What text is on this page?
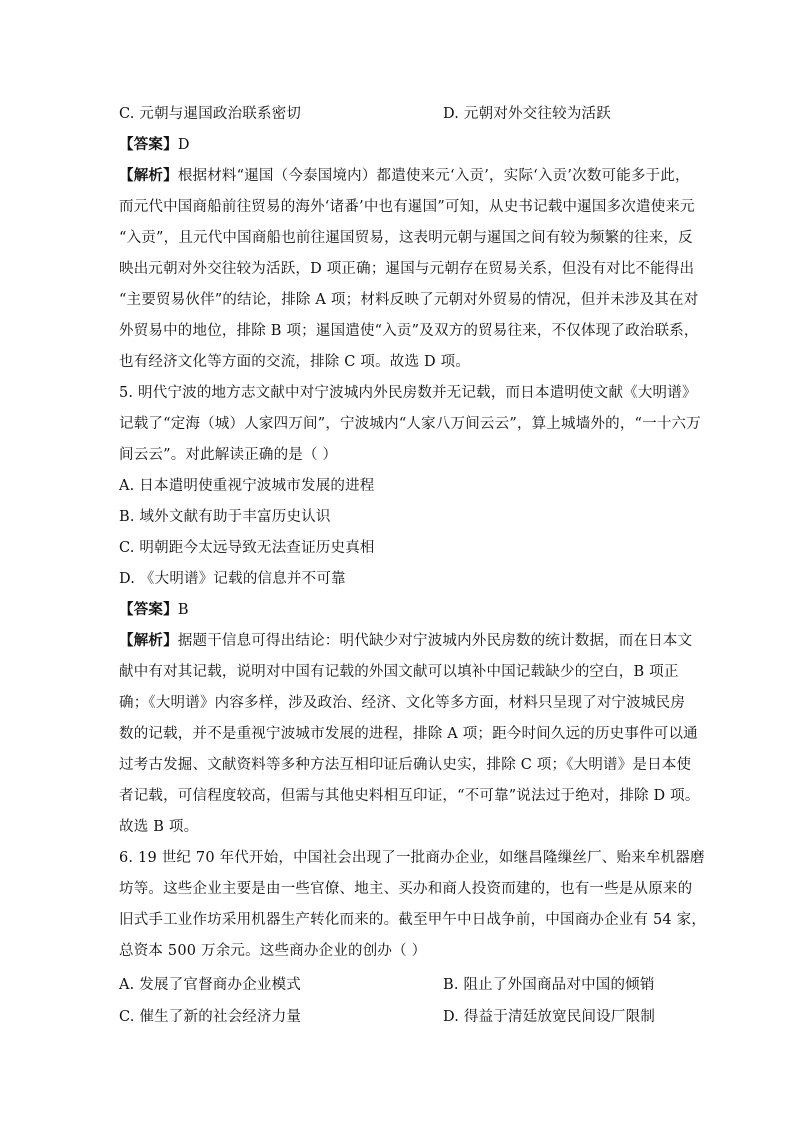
C. 元朝与暹国政治联系密切	D. 元朝对外交往较为活跃
【答案】D
【解析】根据材料“暹国（今泰国境内）都遣使来元‘入贡’，实际‘入贡’次数可能多于此，
而元代中国商船前往贸易的海外‘诸番’中也有暹国”可知，从史书记载中暹国多次遣使来元
“入贡”，且元代中国商船也前往暹国贸易，这表明元朝与暹国之间有较为频繁的往来，反
映出元朝对外交往较为活跃，D 项正确；暹国与元朝存在贸易关系，但没有对比不能得出
“主要贸易伙伴”的结论，排除 A 项；材料反映了元朝对外贸易的情况，但并未涉及其在对
外贸易中的地位，排除 B 项；暹国遣使“入贡”及双方的贸易往来，不仅体现了政治联系，
也有经济文化等方面的交流，排除 C 项。故选 D 项。
5. 明代宁波的地方志文献中对宁波城内外民房数并无记载，而日本遣明使文献《大明谱》
记载了“定海（城）人家四万间”，宁波城内“人家八万间云云”，算上城墙外的，“一十六万
间云云”。对此解读正确的是（ ）
A. 日本遣明使重视宁波城市发展的进程
B. 域外文献有助于丰富历史认识
C. 明朝距今太远导致无法查证历史真相
D. 《大明谱》记载的信息并不可靠
【答案】B
【解析】据题干信息可得出结论：明代缺少对宁波城内外民房数的统计数据，而在日本文
献中有对其记载，说明对中国有记载的外国文献可以填补中国记载缺少的空白，B 项正
确；《大明谱》内容多样，涉及政治、经济、文化等多方面，材料只呈现了对宁波城民房
数的记载，并不是重视宁波城市发展的进程，排除 A 项；距今时间久远的历史事件可以通
过考古发掘、文献资料等多种方法互相印证后确认史实，排除 C 项；《大明谱》是日本使
者记载，可信程度较高，但需与其他史料相互印证，“不可靠”说法过于绝对，排除 D 项。
故选 B 项。
6. 19 世纪 70 年代开始，中国社会出现了一批商办企业，如继昌隆缫丝厂、贻来牟机器磨
坊等。这些企业主要是由一些官僚、地主、买办和商人投资而建的，也有一些是从原来的
旧式手工业作坊采用机器生产转化而来的。截至甲午中日战争前，中国商办企业有 54 家，
总资本 500 万余元。这些商办企业的创办（ ）
A. 发展了官督商办企业模式	B. 阻止了外国商品对中国的倾销
C. 催生了新的社会经济力量	D. 得益于清廷放宽民间设厂限制
